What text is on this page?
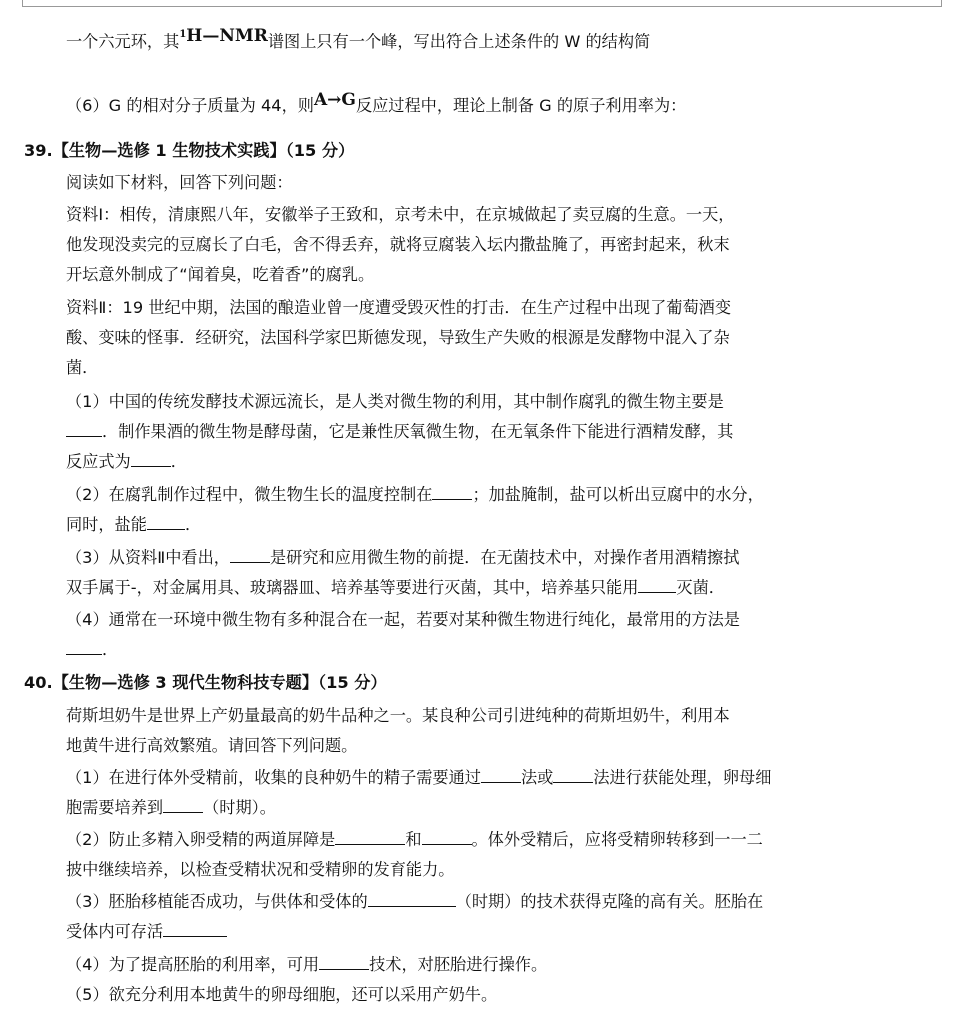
一个六元环，其$^1$H—NMR谱图上只有一个峰，写出符合上述条件的 W 的结构简
（6）G 的相对分子质量为 44，则A→G反应过程中，理论上制备 G 的原子利用率为：
39.【生物—选修 1 生物技术实践】（15 分）
阅读如下材料，回答下列问题：
资料Ⅰ：相传，清康熙八年，安徽举子王致和，京考未中，在京城做起了卖豆腐的生意。一天，
他发现没卖完的豆腐长了白毛，舍不得丢弃，就将豆腐装入坛内撒盐腌了，再密封起来，秋末
开坛意外制成了“闻着臭，吃着香”的腐乳。
资料Ⅱ：19 世纪中期，法国的酿造业曾一度遭受毁灭性的打击．在生产过程中出现了葡萄酒变
酸、变味的怪事．经研究，法国科学家巴斯德发现，导致生产失败的根源是发酵物中混入了杂
菌．
（1）中国的传统发酵技术源远流长，是人类对微生物的利用，其中制作腐乳的微生物主要是
．制作果酒的微生物是酵母菌，它是兼性厌氧微生物，在无氧条件下能进行酒精发酵，其
反应式为 ．
（2）在腐乳制作过程中，微生物生长的温度控制在 ；加盐腌制，盐可以析出豆腐中的水分，
同时，盐能 ．
（3）从资料Ⅱ中看出， 是研究和应用微生物的前提．在无菌技术中，对操作者用酒精擦拭
双手属于-，对金属用具、玻璃器皿、培养基等要进行灭菌，其中，培养基只能用 灭菌．
（4）通常在一环境中微生物有多种混合在一起，若要对某种微生物进行纯化，最常用的方法是
．
40.【生物—选修 3 现代生物科技专题】（15 分）
荷斯坦奶牛是世界上产奶量最高的奶牛品种之一。某良种公司引进纯种的荷斯坦奶牛，利用本
地黄牛进行高效繁殖。请回答下列问题。
（1）在进行体外受精前，收集的良种奶牛的精子需要通过 法或 法进行获能处理，卵母细
胞需要培养到 （时期）。
（2）防止多精入卵受精的两道屏障是	和	。体外受精后，应将受精卵转移到一一二
披中继续培养，以检查受精状况和受精卵的发育能力。
（3）胚胎移植能否成功，与供体和受体的	（时期）的技术获得克隆的高有关。胚胎在
受体内可存活
（4）为了提高胚胎的利用率，可用	技术，对胚胎进行操作。
（5）欲充分利用本地黄牛的卵母细胞，还可以采用产奶牛。
